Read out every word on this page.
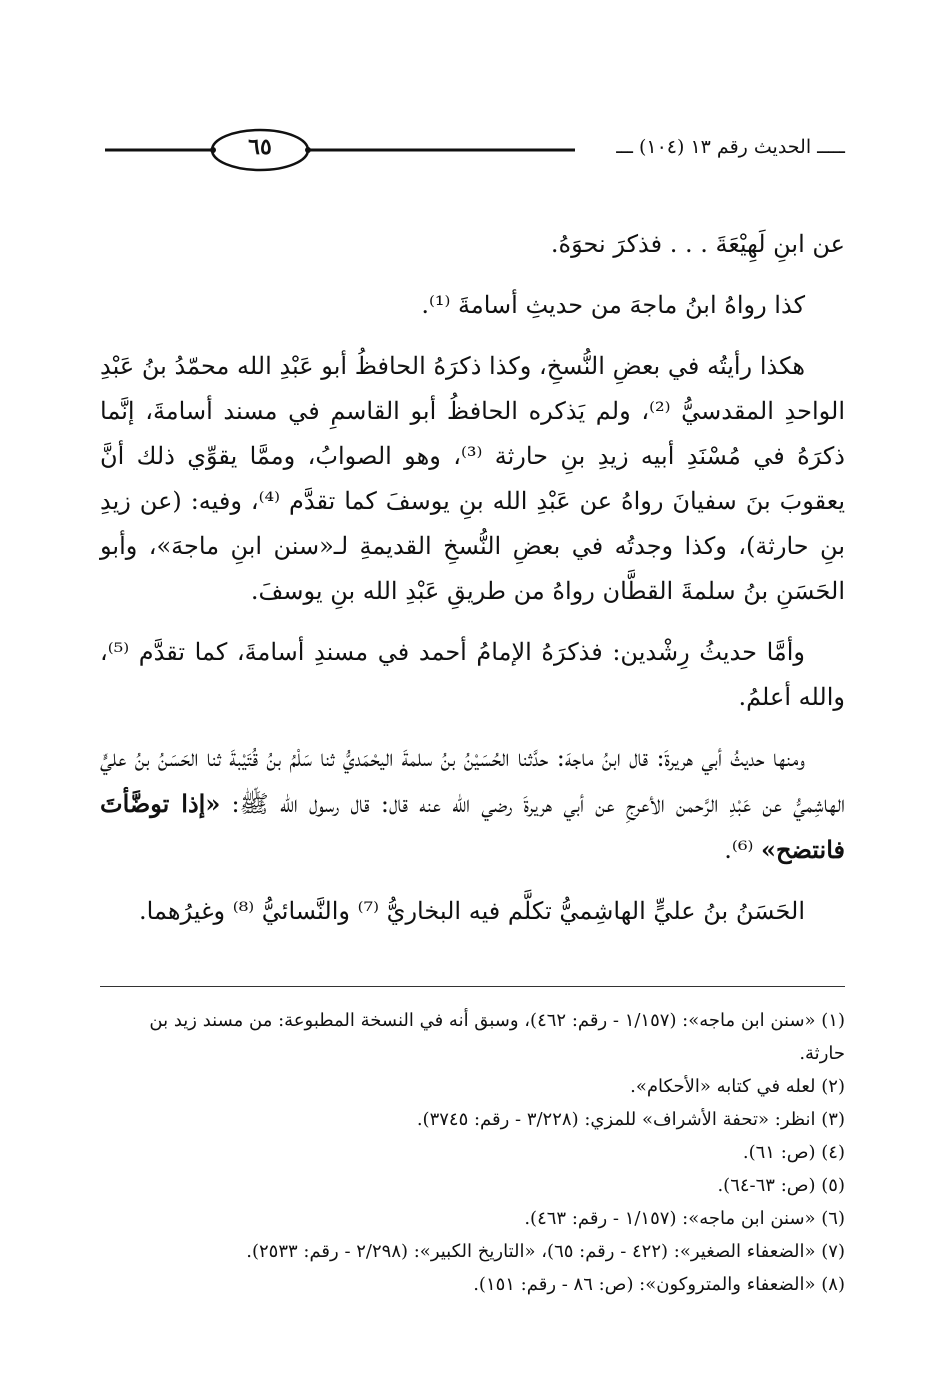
٦٥	ـــــ الحديث رقم ١٣ (١٠٤) ـــ

عن ابنِ لَهِيْعَةَ . . . فذكرَ نحوَهُ.

كذا رواهُ ابنُ ماجهَ من حديثِ أسامةَ ⁽¹⁾.

هكذا رأيتُه في بعضِ النُّسخِ، وكذا ذكرَهُ الحافظُ أبو عَبْدِ الله محمّدُ بنُ عَبْدِ الواحدِ المقدسيُّ ⁽²⁾، ولم يَذكره الحافظُ أبو القاسمِ في مسند أسامةَ، إنَّما ذكرَهُ في مُسْنَدِ أبيه زيدِ بنِ حارثة ⁽³⁾، وهو الصوابُ، وممَّا يقوِّي ذلك أنَّ يعقوبَ بنَ سفيانَ رواهُ عن عَبْدِ الله بنِ يوسفَ كما تقدَّم ⁽⁴⁾، وفيه: (عن زيدِ بنِ حارثة)، وكذا وجدتُه في بعضِ النُّسخِ القديمةِ لـ«سنن ابنِ ماجهَ»، وأبو الحَسَنِ بنُ سلمةَ القطَّان رواهُ من طريقِ عَبْدِ الله بنِ يوسفَ.

وأمَّا حديثُ رِشْدين: فذكرَهُ الإمامُ أحمد في مسندِ أسامةَ، كما تقدَّم ⁽⁵⁾، والله أعلمُ.

ومنها حديثُ أبي هريرةَ: قال ابنُ ماجهَ: حدَّثنا الحُسَيْنُ بنُ سلمةَ اليحْمَديُّ ثنا سَلْمُ بنُ قُتَيْبةَ ثنا الحَسَنُ بنُ عليٍّ الهاشِميُّ عن عَبْدِ الرَّحمن الأعرجِ عن أبي هريرةَ رضي الله عنه قال: قال رسول الله ﷺ: «إذا توضَّأتَ فانتضح» ⁽⁶⁾.

الحَسَنُ بنُ عليٍّ الهاشِميُّ تكلَّم فيه البخاريُّ ⁽⁷⁾ والنَّسائيُّ ⁽⁸⁾ وغيرُهما.

(١) «سنن ابن ماجه»: (١/١٥٧ - رقم: ٤٦٢)، وسبق أنه في النسخة المطبوعة: من مسند زيد بن حارثة.

(٢) لعله في كتابه «الأحكام».

(٣) انظر: «تحفة الأشراف» للمزي: (٣/٢٢٨ - رقم: ٣٧٤٥).

(٤) (ص: ٦١).

(٥) (ص: ٦٣-٦٤).

(٦) «سنن ابن ماجه»: (١/١٥٧ - رقم: ٤٦٣).

(٧) «الضعفاء الصغير»: (٤٢٢ - رقم: ٦٥)، «التاريخ الكبير»: (٢/٢٩٨ - رقم: ٢٥٣٣).

(٨) «الضعفاء والمتروكون»: (ص: ٨٦ - رقم: ١٥١).
